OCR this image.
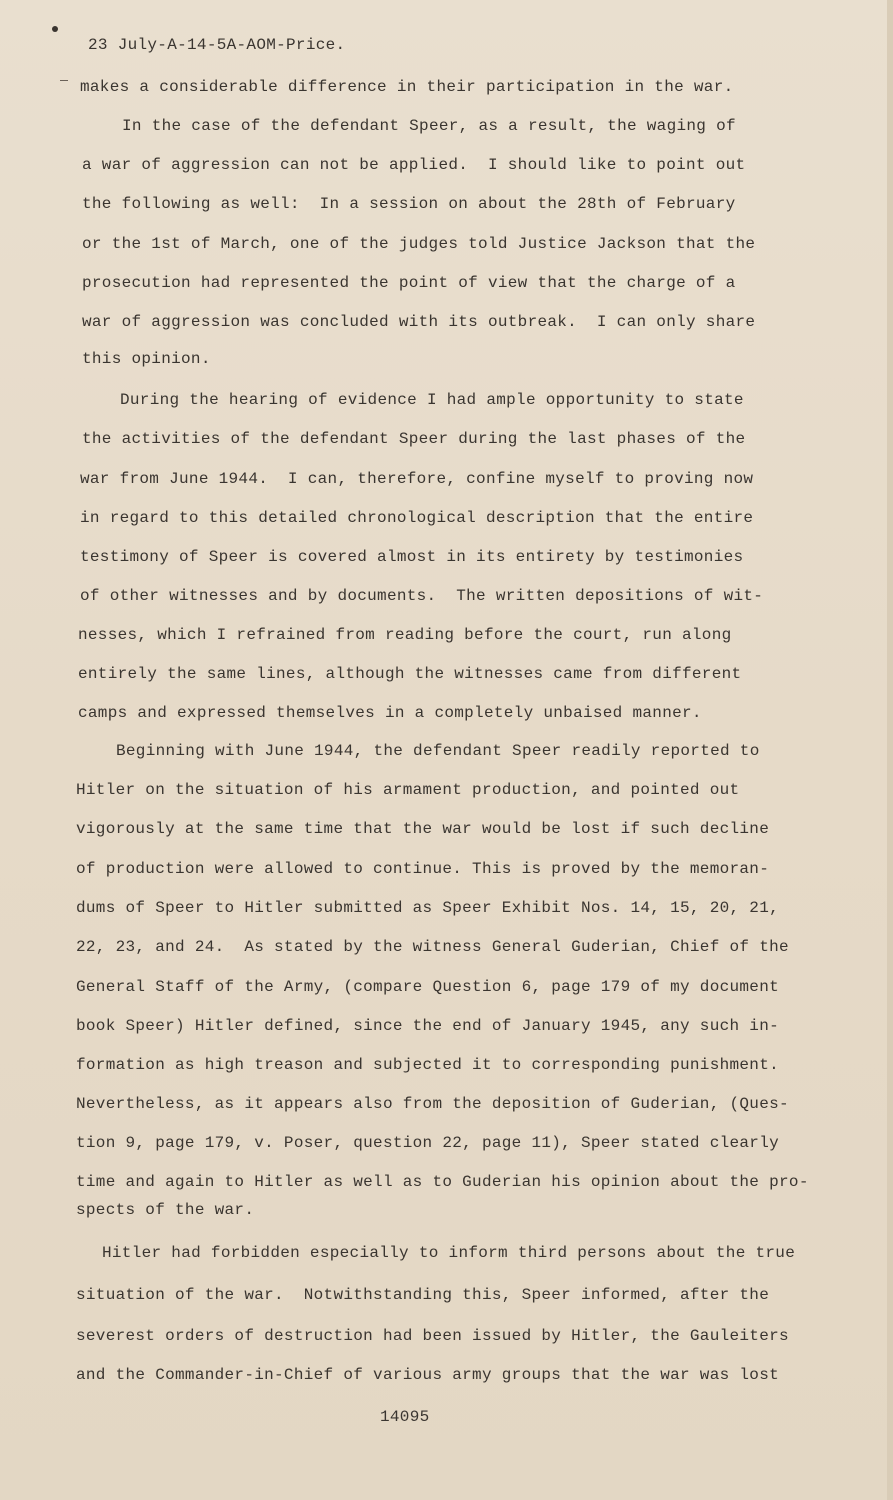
23 July-A-14-5A-AOM-Price.
makes a considerable difference in their participation in the war.
In the case of the defendant Speer, as a result, the waging of
a war of aggression can not be applied.  I should like to point out
the following as well:  In a session on about the 28th of February
or the 1st of March, one of the judges told Justice Jackson that the
prosecution had represented the point of view that the charge of a
war of aggression was concluded with its outbreak.  I can only share
this opinion.
During the hearing of evidence I had ample opportunity to state
the activities of the defendant Speer during the last phases of the
war from June 1944.  I can, therefore, confine myself to proving now
in regard to this detailed chronological description that the entire
testimony of Speer is covered almost in its entirety by testimonies
of other witnesses and by documents.  The written depositions of wit-
nesses, which I refrained from reading before the court, run along
entirely the same lines, although the witnesses came from different
camps and expressed themselves in a completely unbaised manner.
Beginning with June 1944, the defendant Speer readily reported to
Hitler on the situation of his armament production, and pointed out
vigorously at the same time that the war would be lost if such decline
of production were allowed to continue. This is proved by the memoran-
dums of Speer to Hitler submitted as Speer Exhibit Nos. 14, 15, 20, 21,
22, 23, and 24.  As stated by the witness General Guderian, Chief of the
General Staff of the Army, (compare Question 6, page 179 of my document
book Speer) Hitler defined, since the end of January 1945, any such in-
formation as high treason and subjected it to corresponding punishment.
Nevertheless, as it appears also from the deposition of Guderian, (Ques-
tion 9, page 179, v. Poser, question 22, page 11), Speer stated clearly
time and again to Hitler as well as to Guderian his opinion about the pro-
spects of the war.
Hitler had forbidden especially to inform third persons about the true
situation of the war.  Notwithstanding this, Speer informed, after the
severest orders of destruction had been issued by Hitler, the Gauleiters
and the Commander-in-Chief of various army groups that the war was lost
14095
